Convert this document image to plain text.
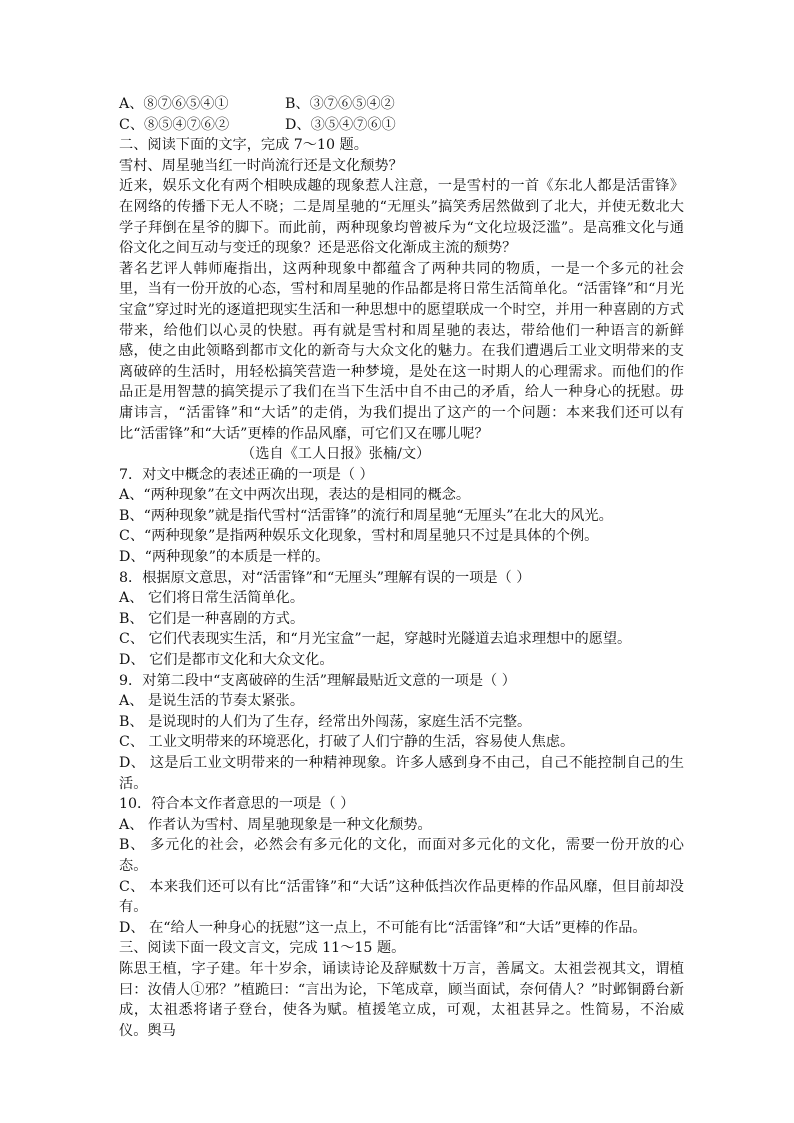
A、⑧⑦⑥⑤④①	B、③⑦⑥⑤④②
C、⑧⑤④⑦⑥②	D、③⑤④⑦⑥①

二、阅读下面的文字，完成 7～10 题。

雪村、周星驰当红一时尚流行还是文化颓势？

近来，娱乐文化有两个相映成趣的现象惹人注意，一是雪村的一首《东北人都是活雷锋》在网络的传播下无人不晓；二是周星驰的“无厘头”搞笑秀居然做到了北大，并使无数北大学子拜倒在星爷的脚下。而此前，两种现象均曾被斥为“文化垃圾泛滥”。是高雅文化与通俗文化之间互动与变迁的现象？还是恶俗文化渐成主流的颓势？

著名艺评人韩师庵指出，这两种现象中都蕴含了两种共同的物质，一是一个多元的社会里，当有一份开放的心态，雪村和周星驰的作品都是将日常生活简单化。“活雷锋”和“月光宝盒”穿过时光的逐道把现实生活和一种思想中的愿望联成一个时空，并用一种喜剧的方式带来，给他们以心灵的快慰。再有就是雪村和周星驰的表达，带给他们一种语言的新鲜感，使之由此领略到都市文化的新奇与大众文化的魅力。在我们遭遇后工业文明带来的支离破碎的生活时，用轻松搞笑营造一种梦境，是处在这一时期人的心理需求。而他们的作品正是用智慧的搞笑提示了我们在当下生活中自不由己的矛盾，给人一种身心的抚慰。毋庸讳言，“活雷锋”和“大话”的走俏，为我们提出了这产的一个问题：本来我们还可以有比“活雷锋”和“大话”更棒的作品风靡，可它们又在哪儿呢？

（选自《工人日报》张楠/文）

7．对文中概念的表述正确的一项是（ ）

A、“两种现象”在文中两次出现，表达的是相同的概念。

B、“两种现象”就是指代雪村“活雷锋”的流行和周星驰“无厘头”在北大的风光。

C、“两种现象”是指两种娱乐文化现象，雪村和周星驰只不过是具体的个例。

D、“两种现象”的本质是一样的。

8．根据原文意思，对“活雷锋”和“无厘头”理解有误的一项是（ ）

A、 它们将日常生活简单化。

B、 它们是一种喜剧的方式。

C、 它们代表现实生活，和“月光宝盒”一起，穿越时光隧道去追求理想中的愿望。

D、 它们是都市文化和大众文化。

9．对第二段中“支离破碎的生活”理解最贴近文意的一项是（ ）

A、 是说生活的节奏太紧张。

B、 是说现时的人们为了生存，经常出外闯荡，家庭生活不完整。

C、 工业文明带来的环境恶化，打破了人们宁静的生活，容易使人焦虑。

D、 这是后工业文明带来的一种精神现象。许多人感到身不由己，自己不能控制自己的生活。

10．符合本文作者意思的一项是（ ）

A、 作者认为雪村、周星驰现象是一种文化颓势。

B、 多元化的社会，必然会有多元化的文化，而面对多元化的文化，需要一份开放的心态。

C、 本来我们还可以有比“活雷锋”和“大话”这种低挡次作品更棒的作品风靡，但目前却没有。

D、 在“给人一种身心的抚慰”这一点上，不可能有比“活雷锋”和“大话”更棒的作品。

三、阅读下面一段文言文，完成 11～15 题。

陈思王植，字子建。年十岁余，诵读诗论及辞赋数十万言，善属文。太祖尝视其文，谓植曰：汝倩人①邪？”植跪曰：“言出为论，下笔成章，顾当面试，奈何倩人？”时邺铜爵台新成，太祖悉将诸子登台，使各为赋。植援笔立成，可观，太祖甚异之。性简易，不治威仪。舆马
